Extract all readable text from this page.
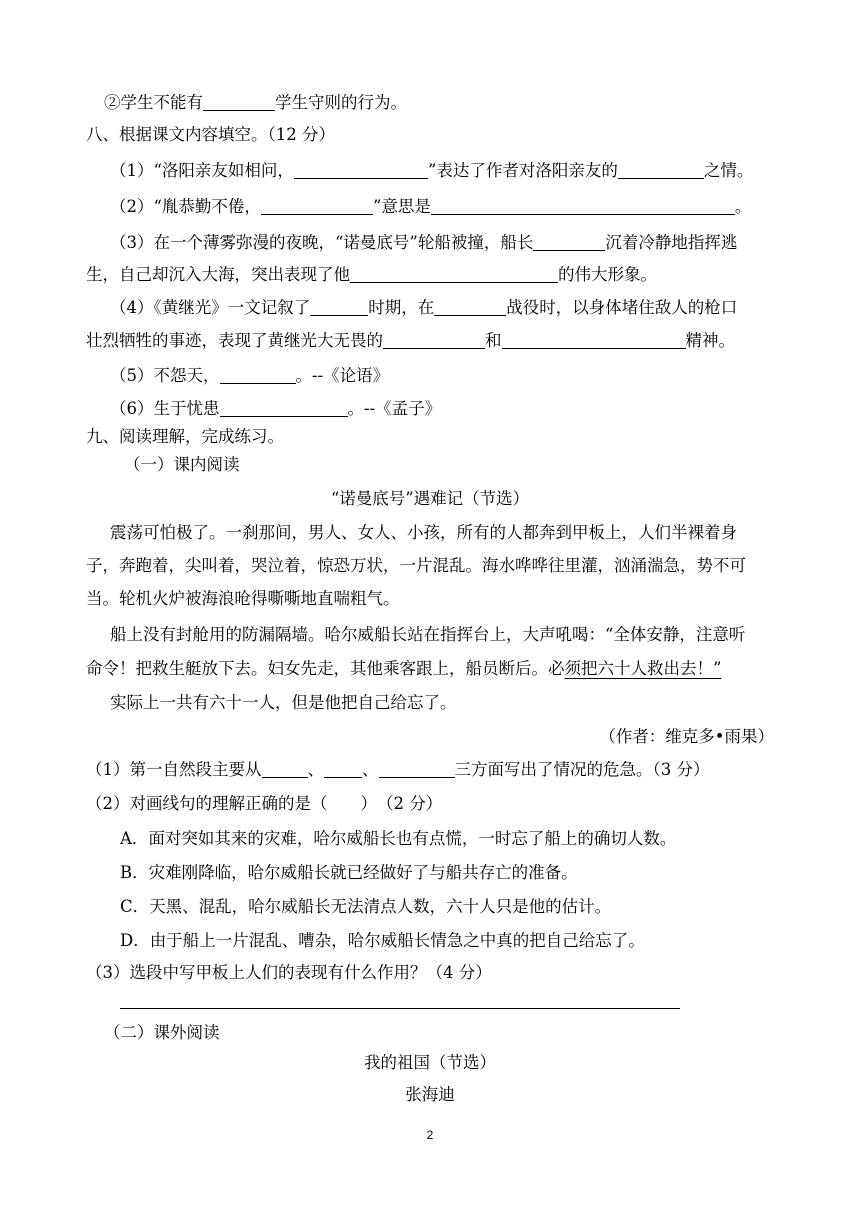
②学生不能有	学生守则的行为。
八、根据课文内容填空。（12 分）
（1）“洛阳亲友如相问，	”表达了作者对洛阳亲友的	之情。
（2）“胤恭勤不倦，	”意思是	。
（3）在一个薄雾弥漫的夜晚，“诺曼底号”轮船被撞，船长	沉着冷静地指挥逃
生，自己却沉入大海，突出表现了他	的伟大形象。
（4）《黄继光》一文记叙了	时期，在	战役时，以身体堵住敌人的枪口
壮烈牺牲的事迹，表现了黄继光大无畏的	和	精神。
（5）不怨天，	。--《论语》
（6）生于忧患	。--《孟子》
九、阅读理解，完成练习。
（一）课内阅读
“诺曼底号”遇难记（节选）
震荡可怕极了。一刹那间，男人、女人、小孩，所有的人都奔到甲板上，人们半裸着身
子，奔跑着，尖叫着，哭泣着，惊恐万状，一片混乱。海水哗哗往里灌，汹涌湍急，势不可
当。轮机火炉被海浪呛得嘶嘶地直喘粗气。
船上没有封舱用的防漏隔墙。哈尔威船长站在指挥台上，大声吼喝：“全体安静，注意听
命令！把救生艇放下去。妇女先走，其他乘客跟上，船员断后。必须把六十人救出去！”
实际上一共有六十一人，但是他把自己给忘了。
（作者：维克多•雨果）
（1）第一自然段主要从	、 、	三方面写出了情况的危急。（3 分）
（2）对画线句的理解正确的是（　　）　（2 分）
A．面对突如其来的灾难，哈尔威船长也有点慌，一时忘了船上的确切人数。
B．灾难刚降临，哈尔威船长就已经做好了与船共存亡的准备。
C．天黑、混乱，哈尔威船长无法清点人数，六十人只是他的估计。
D．由于船上一片混乱、嘈杂，哈尔威船长情急之中真的把自己给忘了。
（3）选段中写甲板上人们的表现有什么作用？（4 分）
（二）课外阅读
我的祖国（节选）
张海迪
2
